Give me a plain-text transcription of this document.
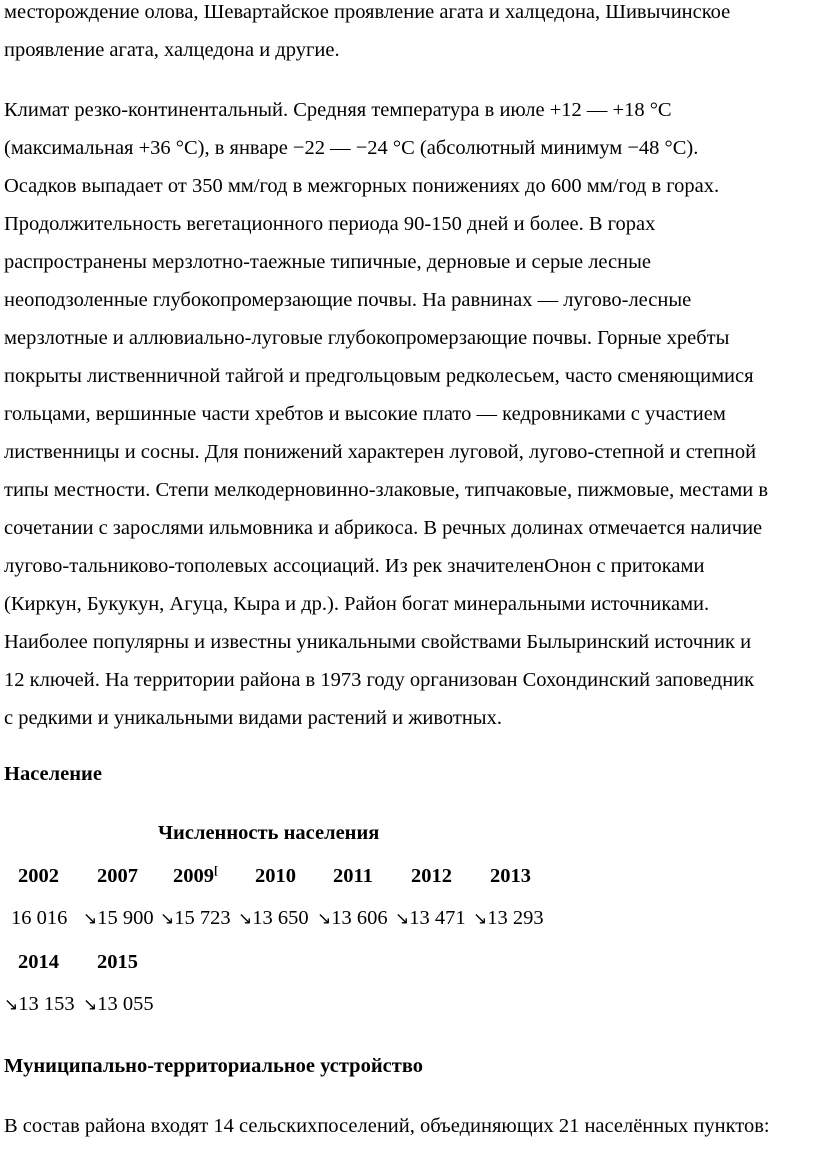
месторождение олова, Шевартайское проявление агата и халцедона, Шивычинское
проявление агата, халцедона и другие.
Климат резко-континентальный. Средняя температура в июле +12 — +18 °С
(максимальная +36 °С), в январе −22 — −24 °С (абсолютный минимум −48 °С).
Осадков выпадает от 350 мм/год в межгорных понижениях до 600 мм/год в горах.
Продолжительность вегетационного периода 90-150 дней и более. В горах
распространены мерзлотно-таежные типичные, дерновые и серые лесные
неоподзоленные глубокопромерзающие почвы. На равнинах — лугово-лесные
мерзлотные и аллювиально-луговые глубокопромерзающие почвы. Горные хребты
покрыты лиственничной тайгой и предгольцовым редколесьем, часто сменяющимися
гольцами, вершинные части хребтов и высокие плато — кедровниками с участием
лиственницы и сосны. Для понижений характерен луговой, лугово-степной и степной
типы местности. Степи мелкодерновинно-злаковые, типчаковые, пижмовые, местами в
сочетании с зарослями ильмовника и абрикоса. В речных долинах отмечается наличие
лугово-тальниково-тополевых ассоциаций. Из рек значителенОнон с притоками
(Киркун, Букукун, Агуца, Кыра и др.). Район богат минеральными источниками.
Наиболее популярны и известны уникальными свойствами Былыринский источник и
12 ключей. На территории района в 1973 году организован Сохондинский заповедник
с редкими и уникальными видами растений и животных.
Население
Численность населения
2002 2007 2009[ 2010 2011 2012 2013
16 016 ↘15 900 ↘15 723 ↘13 650 ↘13 606 ↘13 471 ↘13 293
2014 2015
↘13 153 ↘13 055
Муниципально-территориальное устройство
В состав района входят 14 сельскихпоселений, объединяющих 21 населённых пунктов:
